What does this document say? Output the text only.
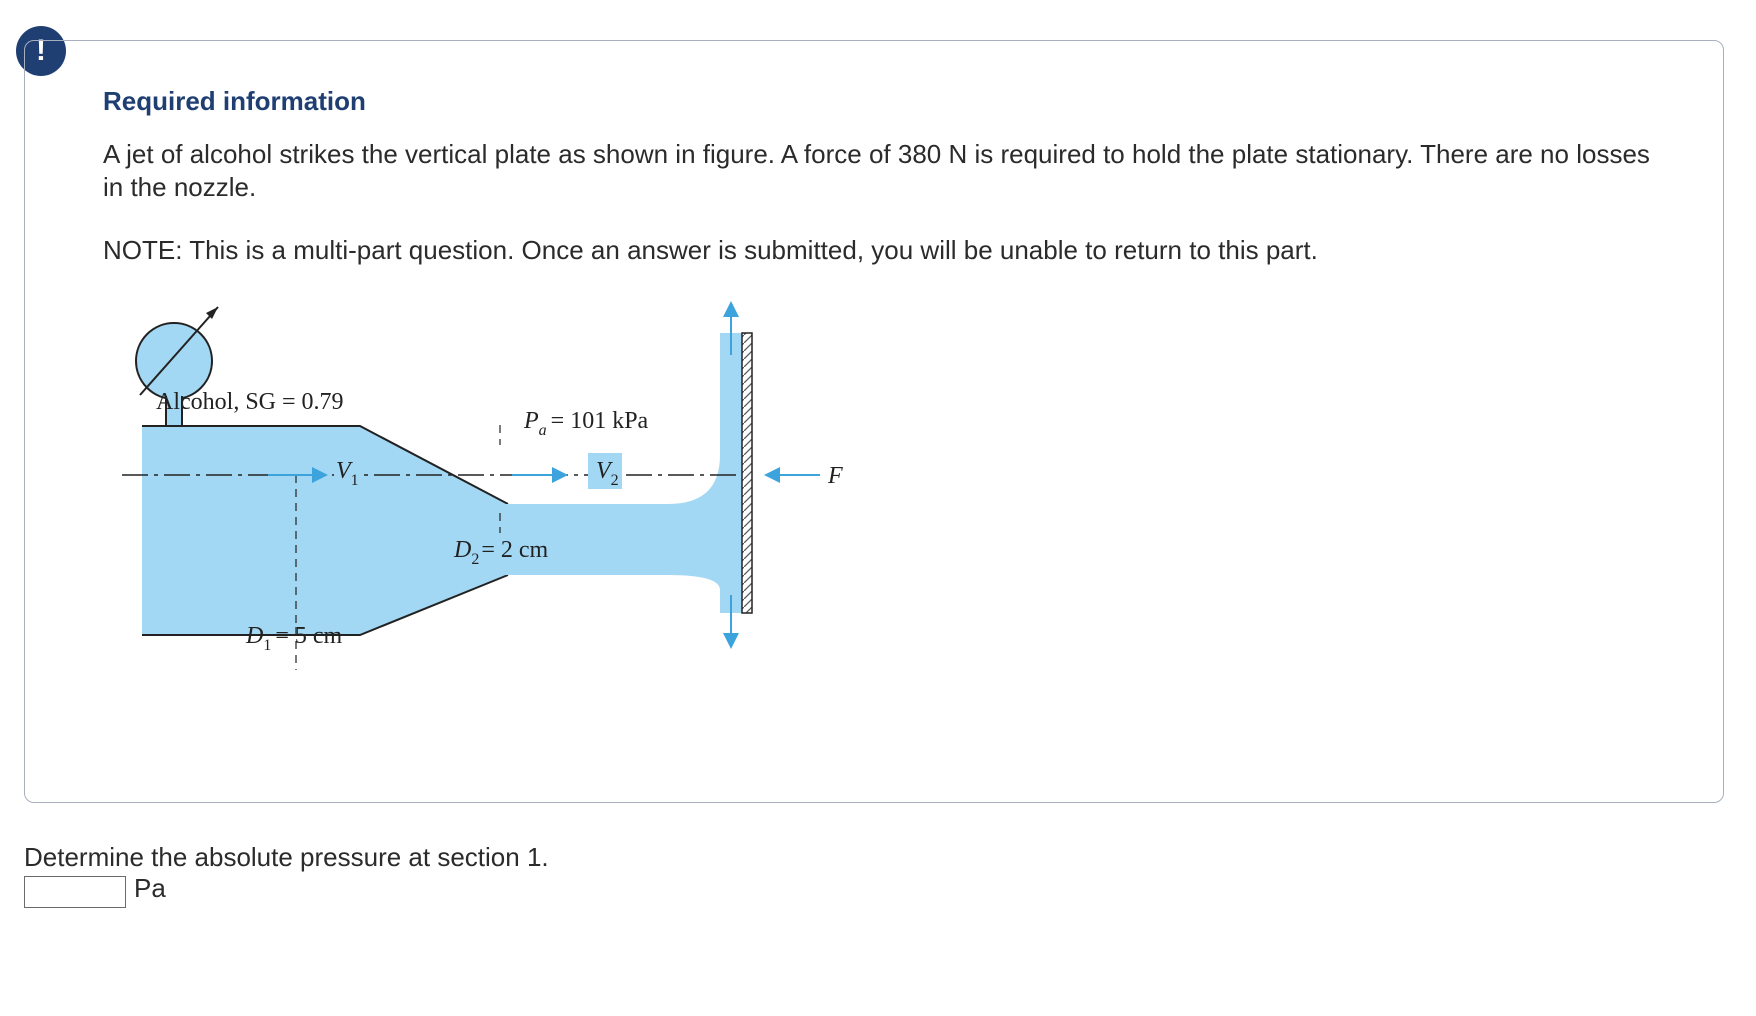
!
Required information
A jet of alcohol strikes the vertical plate as shown in figure. A force of 380 N is required to hold the plate stationary. There are no losses in the nozzle.
NOTE: This is a multi-part question. Once an answer is submitted, you will be unable to return to this part.
Alcohol, SG = 0.79
$P_a = 101$ kPa
$V_1$	$V_2$	F
$D_2= 2$ cm
$D_1 = 5$ cm
Determine the absolute pressure at section 1.
Pa
